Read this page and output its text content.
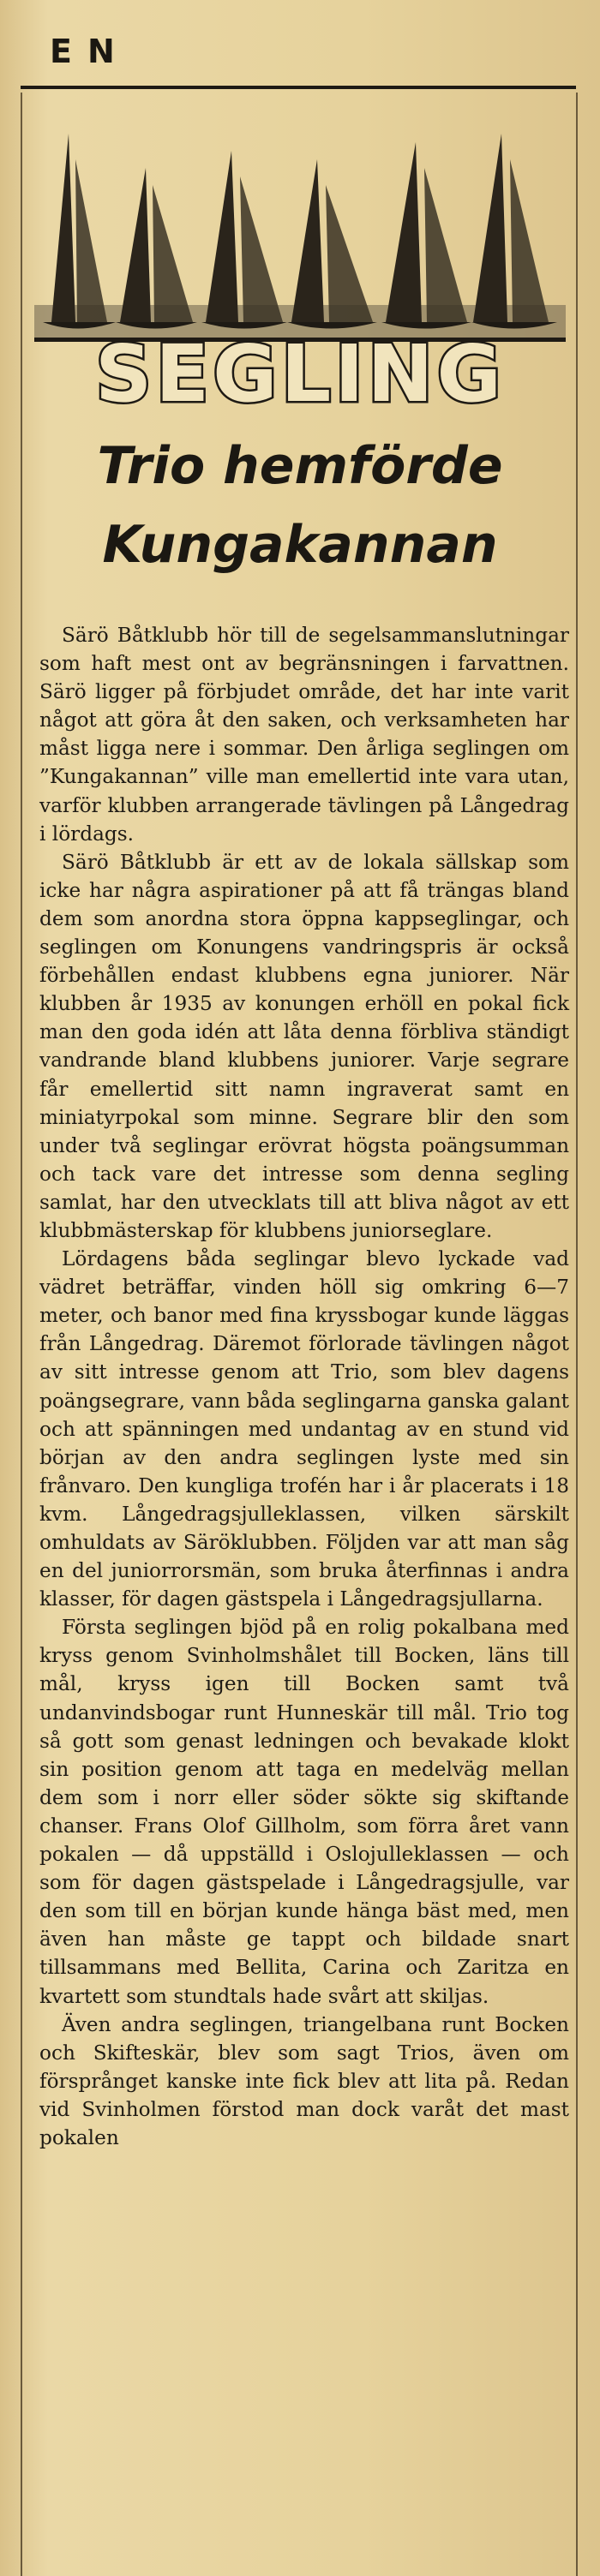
EN
SEGLING
Trio hemförde
Kungakannan

Särö Båtklubb hör till de segelsammanslutningar som haft mest ont av begränsningen i farvattnen. Särö ligger på förbjudet område, det har inte varit något att göra åt den saken, och verksamheten har måst ligga nere i sommar. Den årliga seglingen om ”Kungakannan” ville man emellertid inte vara utan, varför klubben arrangerade tävlingen på Långedrag i lördags.

Särö Båtklubb är ett av de lokala sällskap som icke har några aspirationer på att få trängas bland dem som anordna stora öppna kappseglingar, och seglingen om Konungens vandringspris är också förbehållen endast klubbens egna juniorer. När klubben år 1935 av konungen erhöll en pokal fick man den goda idén att låta denna förbliva ständigt vandrande bland klubbens juniorer. Varje segrare får emellertid sitt namn ingraverat samt en miniatyrpokal som minne. Segrare blir den som under två seglingar erövrat högsta poängsumman och tack vare det intresse som denna segling samlat, har den utvecklats till att bliva något av ett klubbmästerskap för klubbens juniorseglare.

Lördagens båda seglingar blevo lyckade vad vädret beträffar, vinden höll sig omkring 6—7 meter, och banor med fina kryssbogar kunde läggas från Långedrag. Däremot förlorade tävlingen något av sitt intresse genom att Trio, som blev dagens poängsegrare, vann båda seglingarna ganska galant och att spänningen med undantag av en stund vid början av den andra seglingen lyste med sin frånvaro. Den kungliga trofén har i år placerats i 18 kvm. Långedragsjulleklassen, vilken särskilt omhuldats av Säröklubben. Följden var att man såg en del juniorrorsmän, som bruka återfinnas i andra klasser, för dagen gästspela i Långedragsjullarna.

Första seglingen bjöd på en rolig pokalbana med kryss genom Svinholmshålet till Bocken, läns till mål, kryss igen till Bocken samt två undanvindsbogar runt Hunneskär till mål. Trio tog så gott som genast ledningen och bevakade klokt sin position genom att taga en medelväg mellan dem som i norr eller söder sökte sig skiftande chanser. Frans Olof Gillholm, som förra året vann pokalen — då uppställd i Oslojulleklassen — och som för dagen gästspelade i Långedragsjulle, var den som till en början kunde hänga bäst med, men även han måste ge tappt och bildade snart tillsammans med Bellita, Carina och Zaritza en kvartett som stundtals hade svårt att skiljas.

Även andra seglingen, triangelbana runt Bocken och Skifteskär, blev som sagt Trios, även om försprånget kanske inte fick blev att lita på. Redan vid Svinholmen förstod man dock varåt det mast pokalen
